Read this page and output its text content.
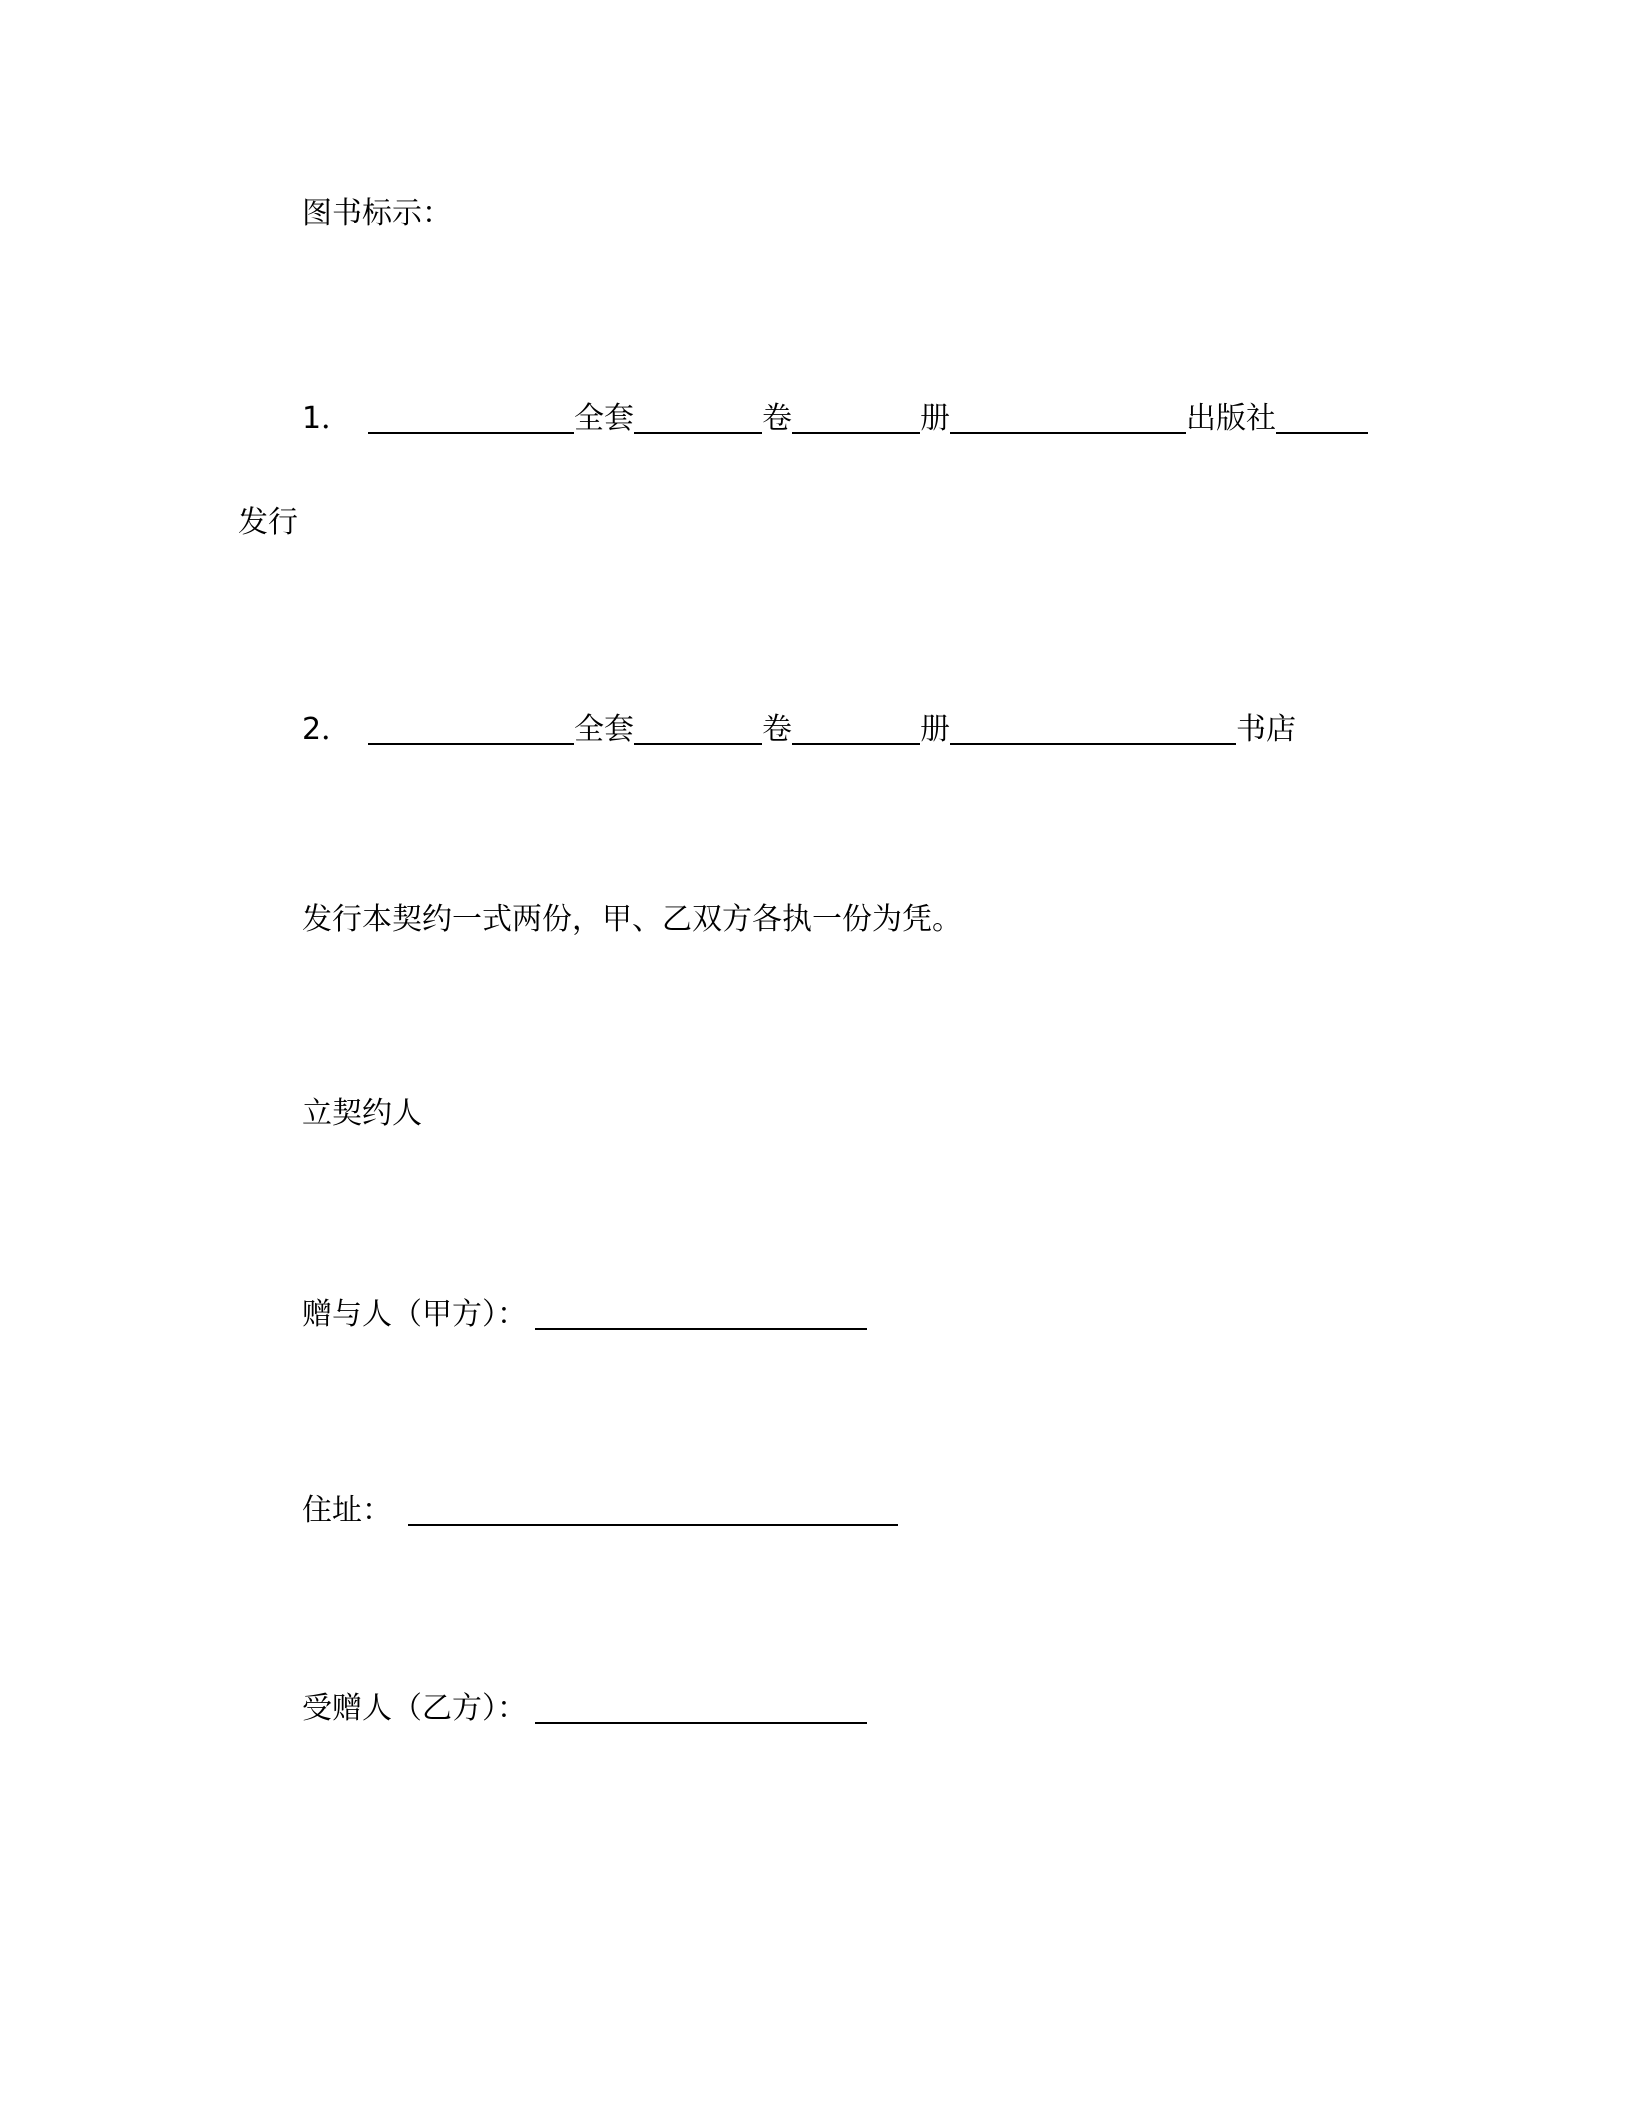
图书标示：
1．	全套	卷	册	出版社
发行
2．	全套	卷	册	书店
发行本契约一式两份，甲、乙双方各执一份为凭。
立契约人
赠与人（甲方）：
住址：
受赠人（乙方）：
